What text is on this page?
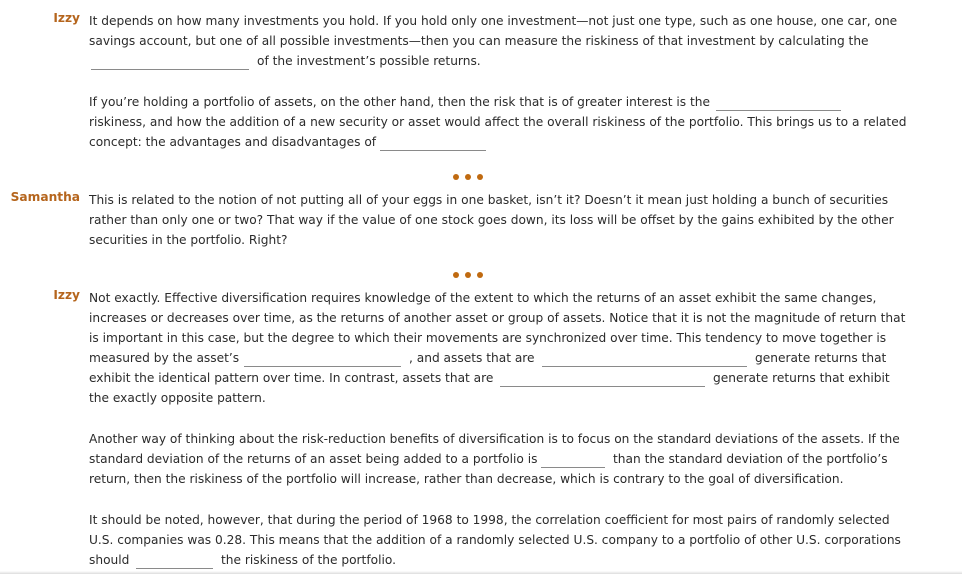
Izzy It depends on how many investments you hold. If you hold only one investment—not just one type, such as one house, one car, one
savings account, but one of all possible investments—then you can measure the riskiness of that investment by calculating the
of the investment’s possible returns.
If you’re holding a portfolio of assets, on the other hand, then the risk that is of greater interest is the
riskiness, and how the addition of a new security or asset would affect the overall riskiness of the portfolio. This brings us to a related
concept: the advantages and disadvantages of
Samantha This is related to the notion of not putting all of your eggs in one basket, isn’t it? Doesn’t it mean just holding a bunch of securities
rather than only one or two? That way if the value of one stock goes down, its loss will be offset by the gains exhibited by the other
securities in the portfolio. Right?
Izzy Not exactly. Effective diversification requires knowledge of the extent to which the returns of an asset exhibit the same changes,
increases or decreases over time, as the returns of another asset or group of assets. Notice that it is not the magnitude of return that
is important in this case, but the degree to which their movements are synchronized over time. This tendency to move together is
measured by the asset’s	, and assets that are	generate returns that
exhibit the identical pattern over time. In contrast, assets that are	generate returns that exhibit
the exactly opposite pattern.
Another way of thinking about the risk-reduction benefits of diversification is to focus on the standard deviations of the assets. If the
standard deviation of the returns of an asset being added to a portfolio is	than the standard deviation of the portfolio’s
return, then the riskiness of the portfolio will increase, rather than decrease, which is contrary to the goal of diversification.
It should be noted, however, that during the period of 1968 to 1998, the correlation coefficient for most pairs of randomly selected
U.S. companies was 0.28. This means that the addition of a randomly selected U.S. company to a portfolio of other U.S. corporations
should	the riskiness of the portfolio.
